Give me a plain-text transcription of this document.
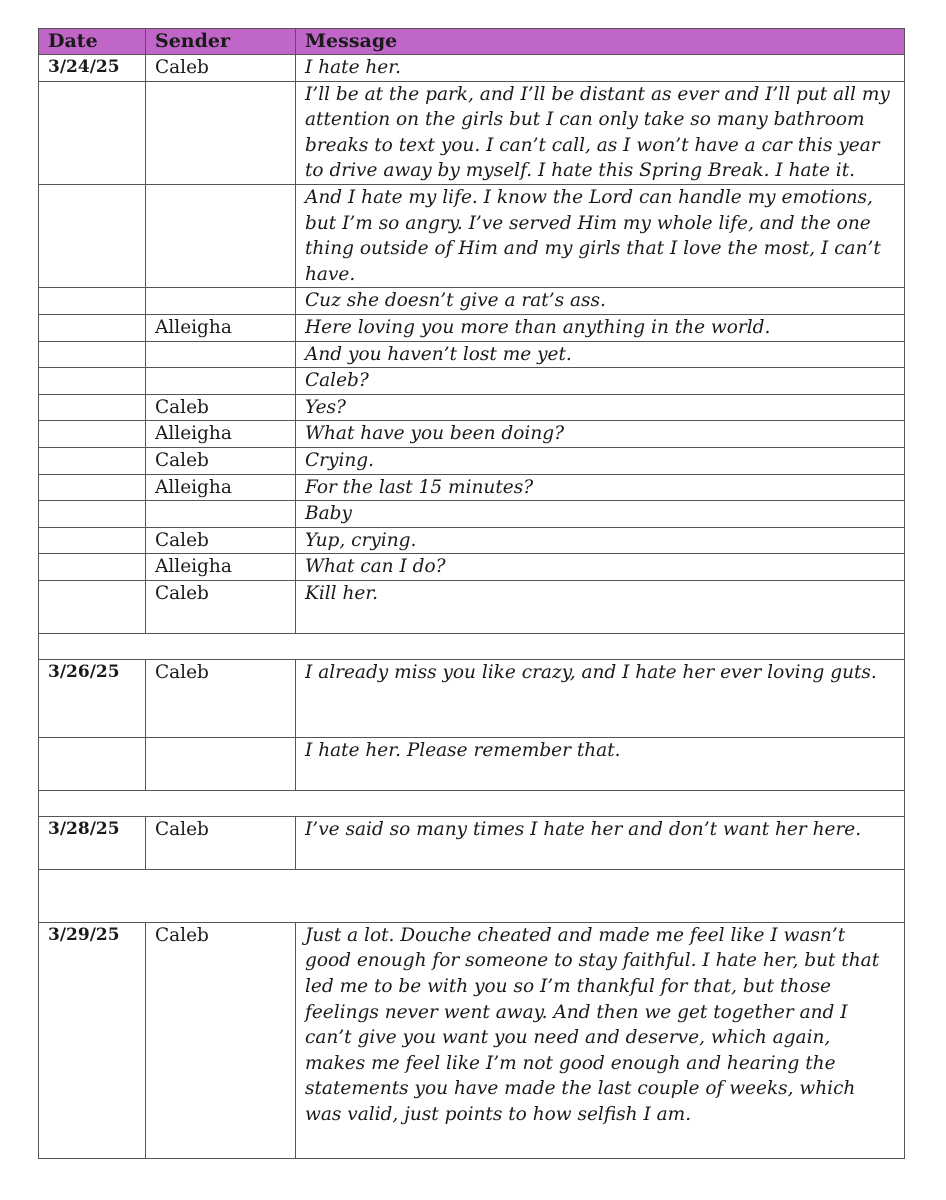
Date	Sender	Message
3/24/25	Caleb	I hate her.
		I’ll be at the park, and I’ll be distant as ever and I’ll put all my attention on the girls but I can only take so many bathroom breaks to text you. I can’t call, as I won’t have a car this year to drive away by myself. I hate this Spring Break. I hate it.
		And I hate my life. I know the Lord can handle my emotions, but I’m so angry. I’ve served Him my whole life, and the one thing outside of Him and my girls that I love the most, I can’t have.
		Cuz she doesn’t give a rat’s ass.
	Alleigha	Here loving you more than anything in the world.
		And you haven’t lost me yet.
		Caleb?
	Caleb	Yes?
	Alleigha	What have you been doing?
	Caleb	Crying.
	Alleigha	For the last 15 minutes?
		Baby
	Caleb	Yup, crying.
	Alleigha	What can I do?
	Caleb	Kill her.

3/26/25	Caleb	I already miss you like crazy, and I hate her ever loving guts.
		I hate her. Please remember that.

3/28/25	Caleb	I’ve said so many times I hate her and don’t want her here.

3/29/25	Caleb	Just a lot. Douche cheated and made me feel like I wasn’t good enough for someone to stay faithful. I hate her, but that led me to be with you so I’m thankful for that, but those feelings never went away. And then we get together and I can’t give you want you need and deserve, which again, makes me feel like I’m not good enough and hearing the statements you have made the last couple of weeks, which was valid, just points to how selfish I am.
